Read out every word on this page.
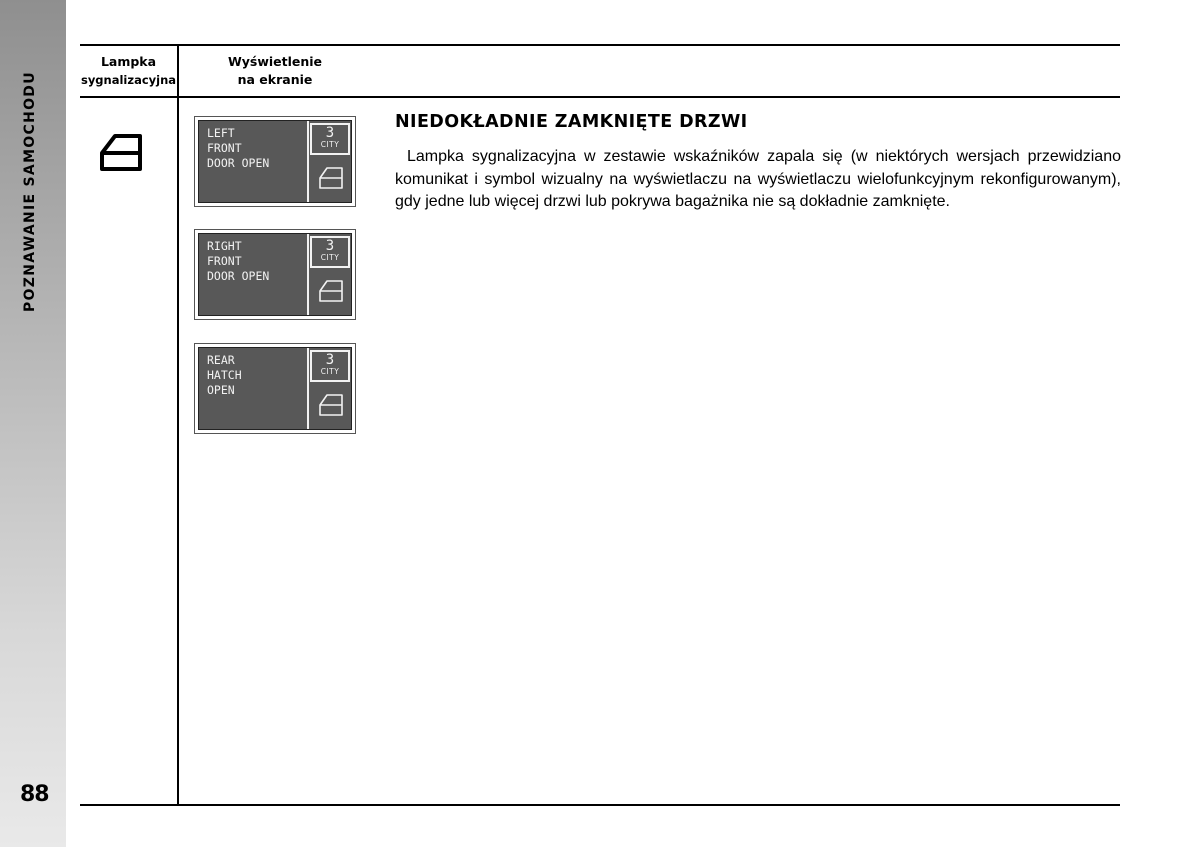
POZNAWANIE SAMOCHODU
88
Lampka
sygnalizacyjna
Wyświetlenie
na ekranie
LEFT
FRONT
DOOR OPEN
3
CITY
RIGHT
FRONT
DOOR OPEN
3
CITY
REAR
HATCH
OPEN
3
CITY
NIEDOKŁADNIE ZAMKNIĘTE DRZWI

Lampka sygnalizacyjna w zestawie wskaźników zapala się (w niektórych wersjach przewidziano komunikat i symbol wizualny na wyświetlaczu na wyświetlaczu wielofunkcyjnym rekonfigurowanym), gdy jedne lub więcej drzwi lub pokrywa bagażnika nie są dokładnie zamknięte.
